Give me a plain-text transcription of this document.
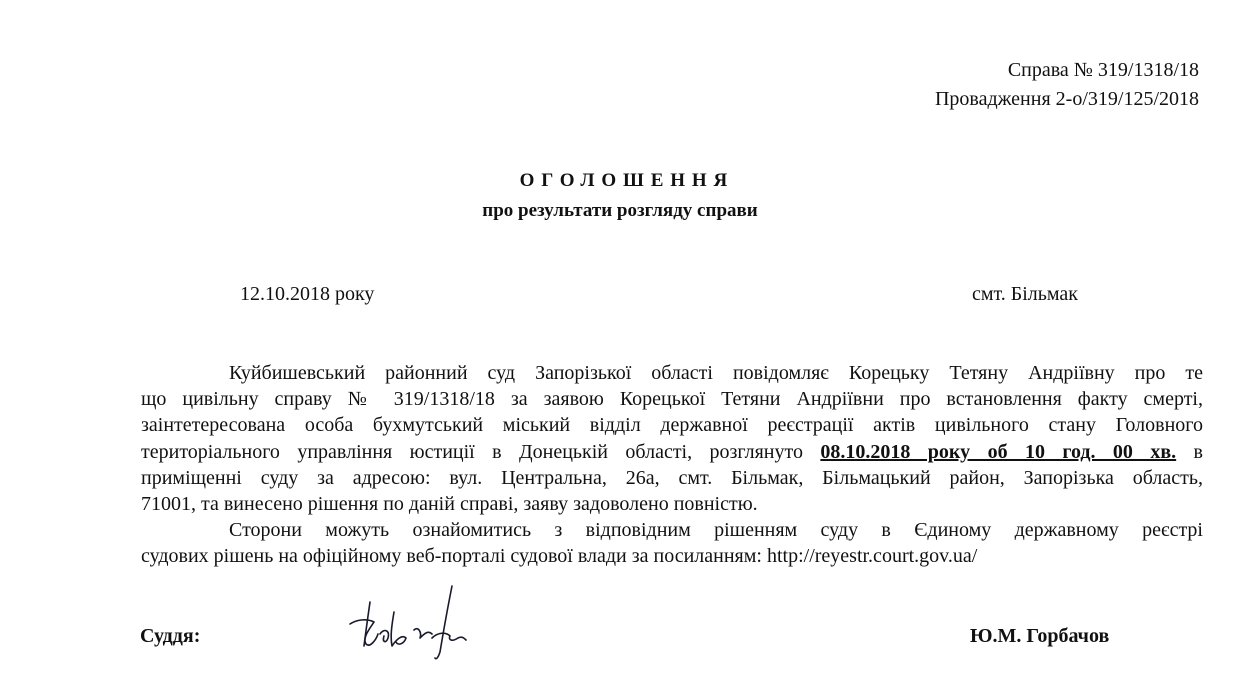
Справа № 319/1318/18
Провадження 2-о/319/125/2018
ОГОЛОШЕННЯ
про результати розгляду справи
12.10.2018 року	смт. Більмак
Куйбишевський районний суд Запорізької області повідомляє Корецьку Тетяну Андріївну про те
що цивільну справу № 319/1318/18 за заявою Корецької Тетяни Андріївни про встановлення факту смерті,
заінтетересована особа бухмутський міський відділ державної реєстрації актів цивільного стану Головного
територіального управління юстиції в Донецькій області, розглянуто 08.10.2018 року об 10 год. 00 хв. в
приміщенні суду за адресою: вул. Центральна, 26а, смт. Більмак, Більмацький район, Запорізька область,
71001, та винесено рішення по даній справі, заяву задоволено повністю.
Сторони можуть ознайомитись з відповідним рішенням суду в Єдиному державному реєстрі
судових рішень на офіційному веб-порталі судової влади за посиланням: http://reyestr.court.gov.ua/
Суддя:	Ю.М. Горбачов
